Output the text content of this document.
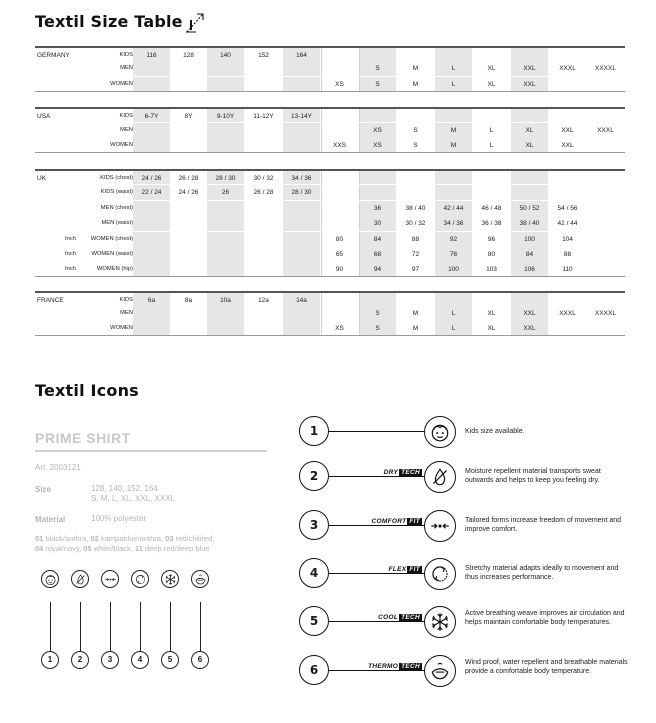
Textil Size Table
GERMANY	KIDS	116	128	140	152	164
MEN	S	M	L	XL	XXL	XXXL	XXXXL
WOMEN	XS	S	M	L	XL	XXL
USA	KIDS	6-7Y	8Y	9-10Y	11-12Y	13-14Y
MEN	XS	S	M	L	XL	XXL	XXXL
WOMEN	XXS	XS	S	M	L	XL	XXL
UK	KIDS (chest)	24 / 26	26 / 28	28 / 30	30 / 32	34 / 36
KIDS (waist)	22 / 24	24 / 26	26	26 / 28	28 / 30
MEN (chest)	36	38 / 40	42 / 44	46 / 48	50 / 52	54 / 56
MEN (waist)	30	30 / 32	34 / 36	36 / 38	38 / 40	42 / 44
Inch	WOMEN (chest)	80	84	88	92	96	100	104
Inch	WOMEN (waist)	65	68	72	76	80	84	88
Inch	WOMEN (hip)	90	94	97	100	103	106	110
FRANCE	KIDS	6a	8a	10a	12a	14a
MEN	S	M	L	XL	XXL	XXXL	XXXXL
WOMEN	XS	S	M	L	XL	XXL
Textil Icons
PRIME SHIRT
Art. 2003121
Size	128, 140, 152, 164
S, M, L, XL, XXL, XXXL
Material	100% polyester
01 black/anthra, 02 kampablue/anthra, 03 red/chilired,
04 royal/navy, 05 white/black, 11 deep red/deep blue
1	2	3	4	5	6
1	Kids size available.
2	DRY TECH	Moisture repellent material transports sweat outwards and helps to keep you feeling dry.
3	COMFORT FIT	Tailored forms increase freedom of movement and improve comfort.
4	FLEX FIT	Stretchy material adapts ideally to movement and thus increases performance.
5	COOL TECH
Active breathing weave improves air circulation and helps maintain comfortable body temperatures.
6	THERMO TECH
Wind proof, water repellent and breathable materials provide a comfortable body temperature.
